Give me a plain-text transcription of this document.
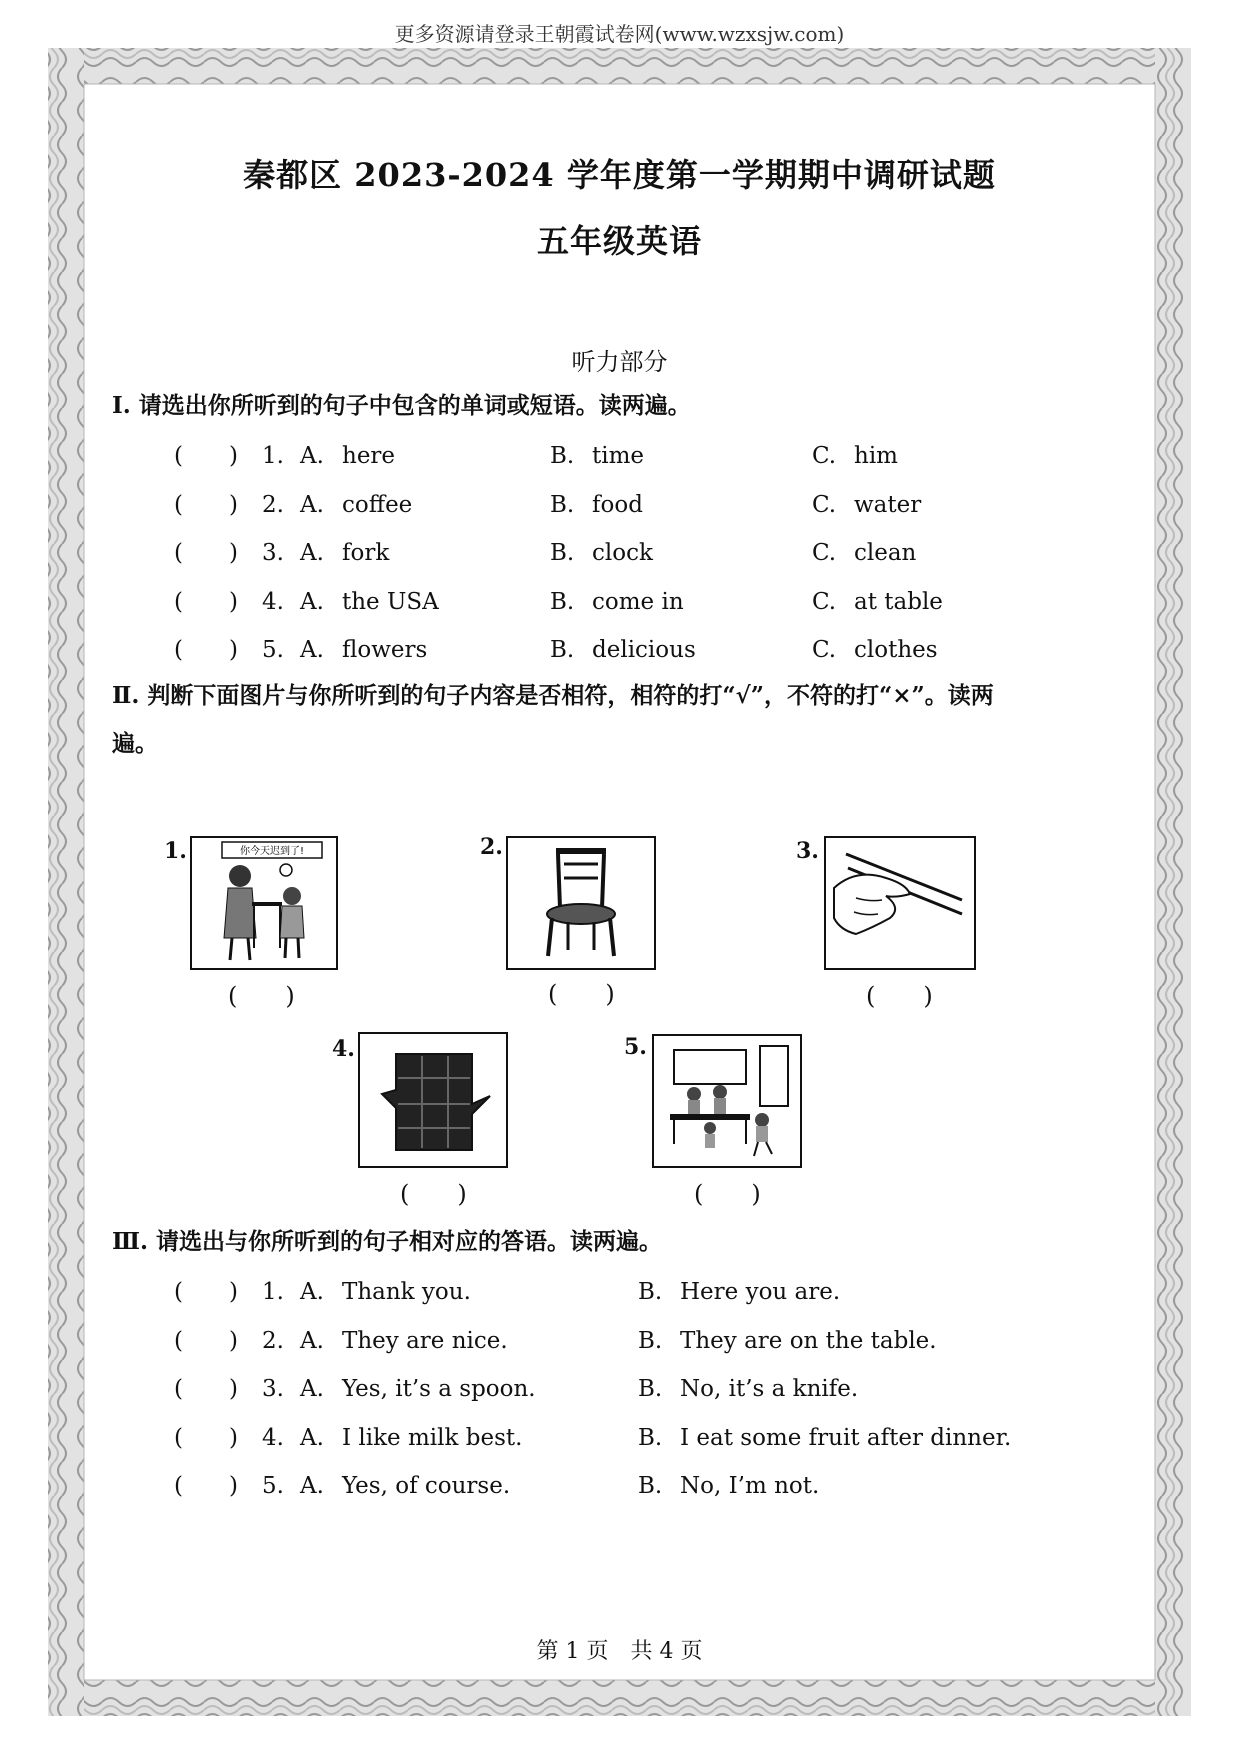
更多资源请登录王朝霞试卷网(www.wzxsjw.com)
秦都区 2023-2024 学年度第一学期期中调研试题
五年级英语
听力部分
Ⅰ. 请选出你所听到的句子中包含的单词或短语。读两遍。
(　　) 1. A. here	B. time	C. him
(　　) 2. A. coffee	B. food	C. water
(　　) 3. A. fork	B. clock	C. clean
(　　) 4. A. the USA	B. come in	C. at table
(　　) 5. A. flowers	B. delicious	C. clothes
Ⅱ. 判断下面图片与你所听到的句子内容是否相符，相符的打“√”，不符的打“×”。读两
遍。
1.	你今天迟到了!
(　　)
2.
(　　)
3.
(　　)
4.
(　　)
5.
(　　)
Ⅲ. 请选出与你所听到的句子相对应的答语。读两遍。
(　　) 1. A. Thank you.	B. Here you are.
(　　) 2. A. They are nice.	B. They are on the table.
(　　) 3. A. Yes, it’s a spoon.	B. No, it’s a knife.
(　　) 4. A. I like milk best.	B. I eat some fruit after dinner.
(　　) 5. A. Yes, of course.	B. No, I’m not.
第 1 页　共 4 页
